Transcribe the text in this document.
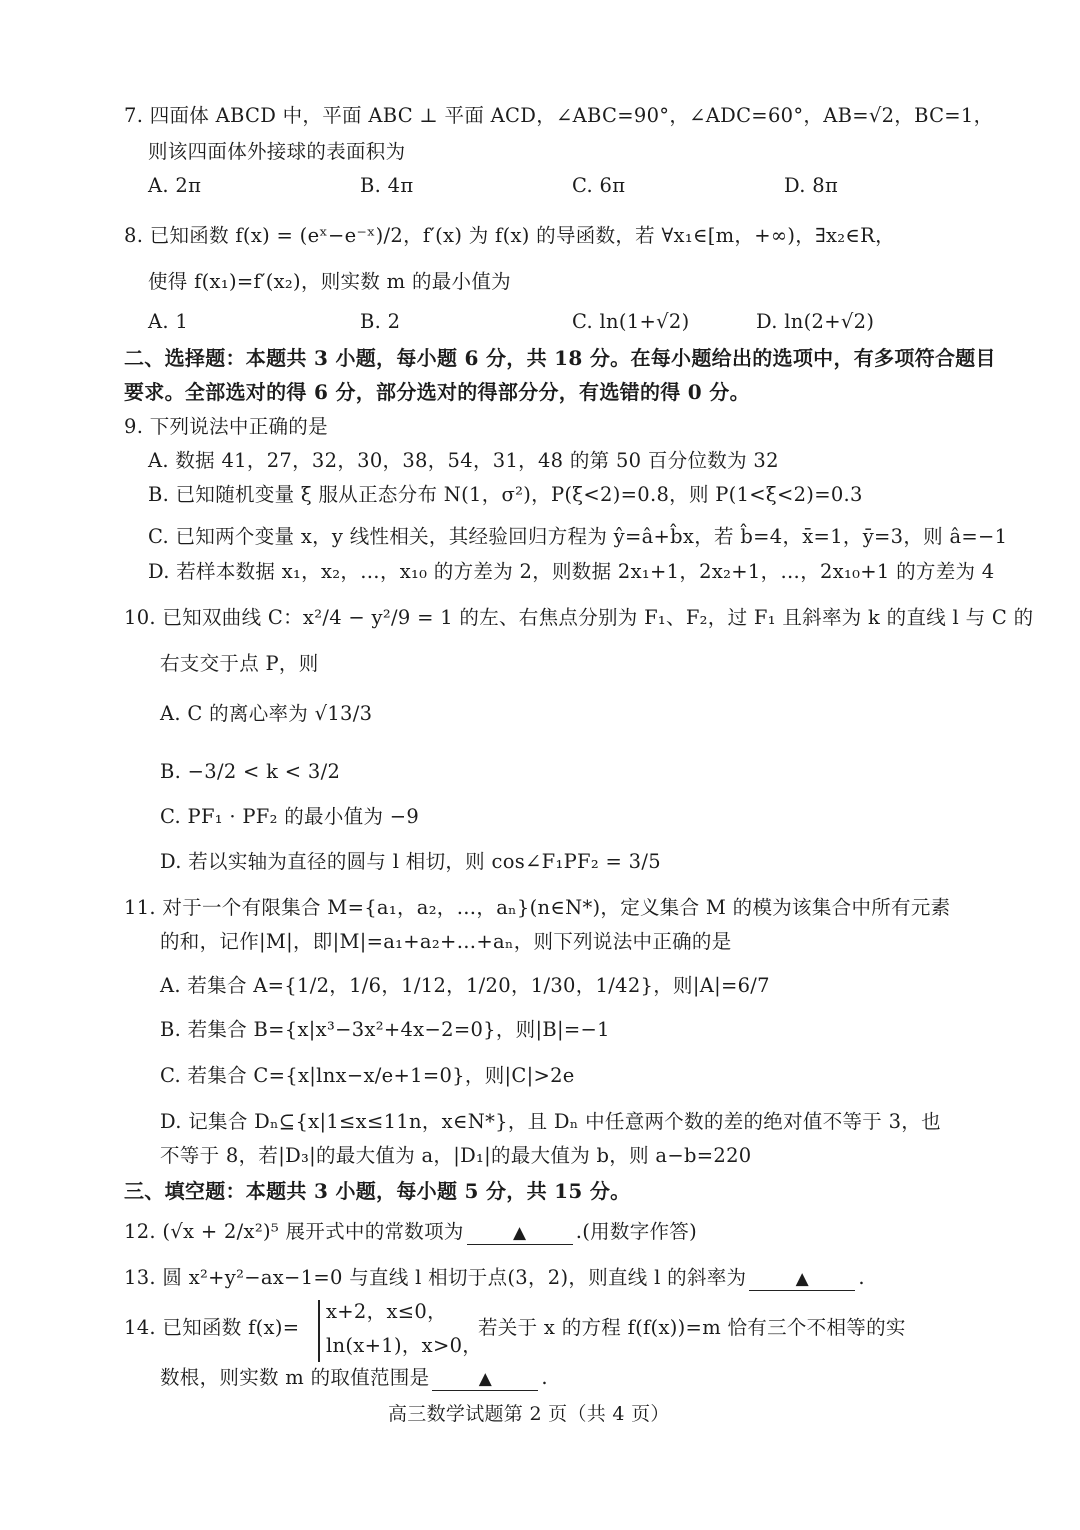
7. 四面体 ABCD 中，平面 ABC ⊥ 平面 ACD，∠ABC=90°，∠ADC=60°，AB=√2，BC=1，
则该四面体外接球的表面积为
A. 2π	B. 4π	C. 6π	D. 8π
8. 已知函数 f(x) = (eˣ−e⁻ˣ)/2，f′(x) 为 f(x) 的导函数，若 ∀x₁∈[m，+∞)，∃x₂∈R，
使得 f(x₁)=f′(x₂)，则实数 m 的最小值为
A. 1	B. 2	C. ln(1+√2)	D. ln(2+√2)
二、选择题：本题共 3 小题，每小题 6 分，共 18 分。在每小题给出的选项中，有多项符合题目
要求。全部选对的得 6 分，部分选对的得部分分，有选错的得 0 分。
9. 下列说法中正确的是
A. 数据 41，27，32，30，38，54，31，48 的第 50 百分位数为 32
B. 已知随机变量 ξ 服从正态分布 N(1，σ²)，P(ξ<2)=0.8，则 P(1<ξ<2)=0.3
C. 已知两个变量 x，y 线性相关，其经验回归方程为 ŷ=â+b̂x，若 b̂=4，x̄=1，ȳ=3，则 â=−1
D. 若样本数据 x₁，x₂，…，x₁₀ 的方差为 2，则数据 2x₁+1，2x₂+1，…，2x₁₀+1 的方差为 4
10. 已知双曲线 C：x²/4 − y²/9 = 1 的左、右焦点分别为 F₁、F₂，过 F₁ 且斜率为 k 的直线 l 与 C 的
右支交于点 P，则
A. C 的离心率为 √13/3
B. −3/2 < k < 3/2
C. PF₁ · PF₂ 的最小值为 −9
D. 若以实轴为直径的圆与 l 相切，则 cos∠F₁PF₂ = 3/5
11. 对于一个有限集合 M={a₁，a₂，…，aₙ}(n∈N*)，定义集合 M 的模为该集合中所有元素
的和，记作|M|，即|M|=a₁+a₂+…+aₙ，则下列说法中正确的是
A. 若集合 A={1/2，1/6，1/12，1/20，1/30，1/42}，则|A|=6/7
B. 若集合 B={x|x³−3x²+4x−2=0}，则|B|=−1
C. 若集合 C={x|lnx−x/e+1=0}，则|C|>2e
D. 记集合 Dₙ⊆{x|1≤x≤11n，x∈N*}，且 Dₙ 中任意两个数的差的绝对值不等于 3，也
不等于 8，若|D₃|的最大值为 a，|D₁|的最大值为 b，则 a−b=220
三、填空题：本题共 3 小题，每小题 5 分，共 15 分。
12. (√x + 2/x²)⁵ 展开式中的常数项为	▲	.(用数字作答)
13. 圆 x²+y²−ax−1=0 与直线 l 相切于点(3，2)，则直线 l 的斜率为	▲	.
14. 已知函数 f(x)=
x+2，x≤0，
ln(x+1)，x>0，
若关于 x 的方程 f(f(x))=m 恰有三个不相等的实
数根，则实数 m 的取值范围是	▲	.
高三数学试题第 2 页（共 4 页）
